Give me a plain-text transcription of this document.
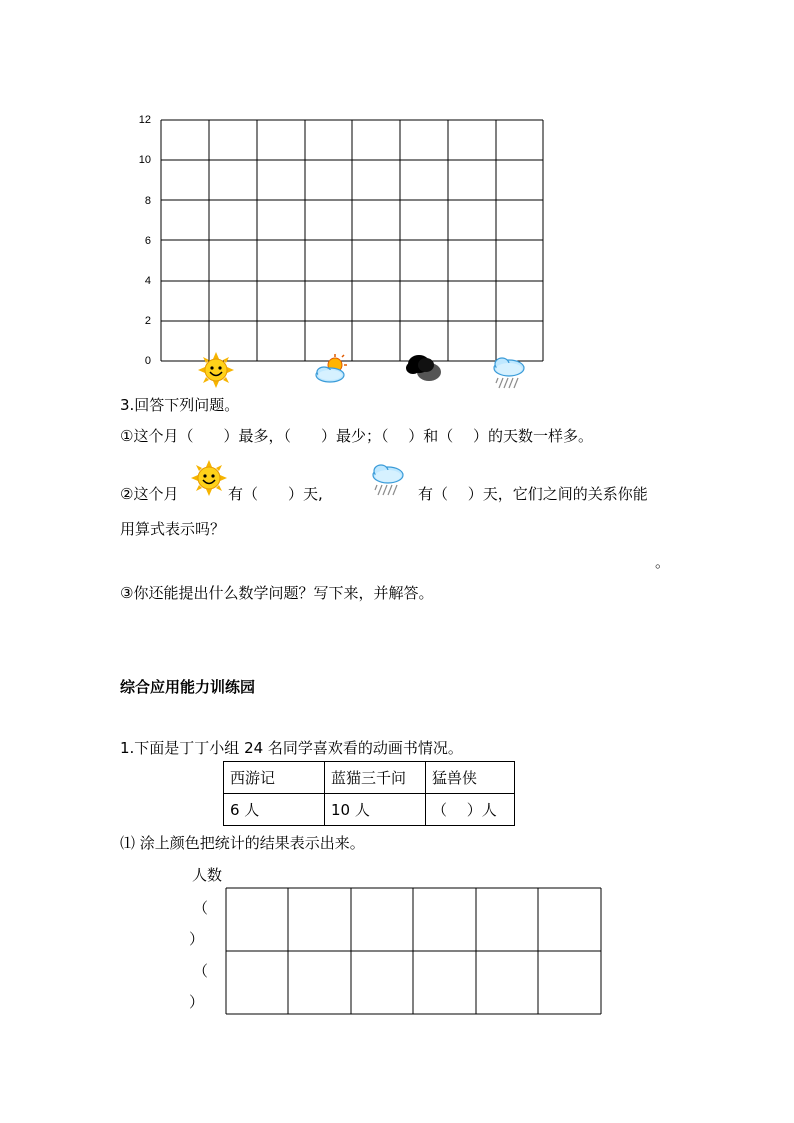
12
10
8
6
4
2
0
3.回答下列问题。
①这个月（　　）最多，（　　）最少；（　 ）和（　 ）的天数一样多。
②这个月	有（　　）天,	有（　 ）天，它们之间的关系你能
用算式表示吗？
。
③你还能提出什么数学问题？写下来，并解答。
综合应用能力训练园
1.下面是丁丁小组 24 名同学喜欢看的动画书情况。
西游记	蓝猫三千问	猛兽侠
6 人	10 人	（　 ）人
⑴ 涂上颜色把统计的结果表示出来。
人数
（
）
（
）
